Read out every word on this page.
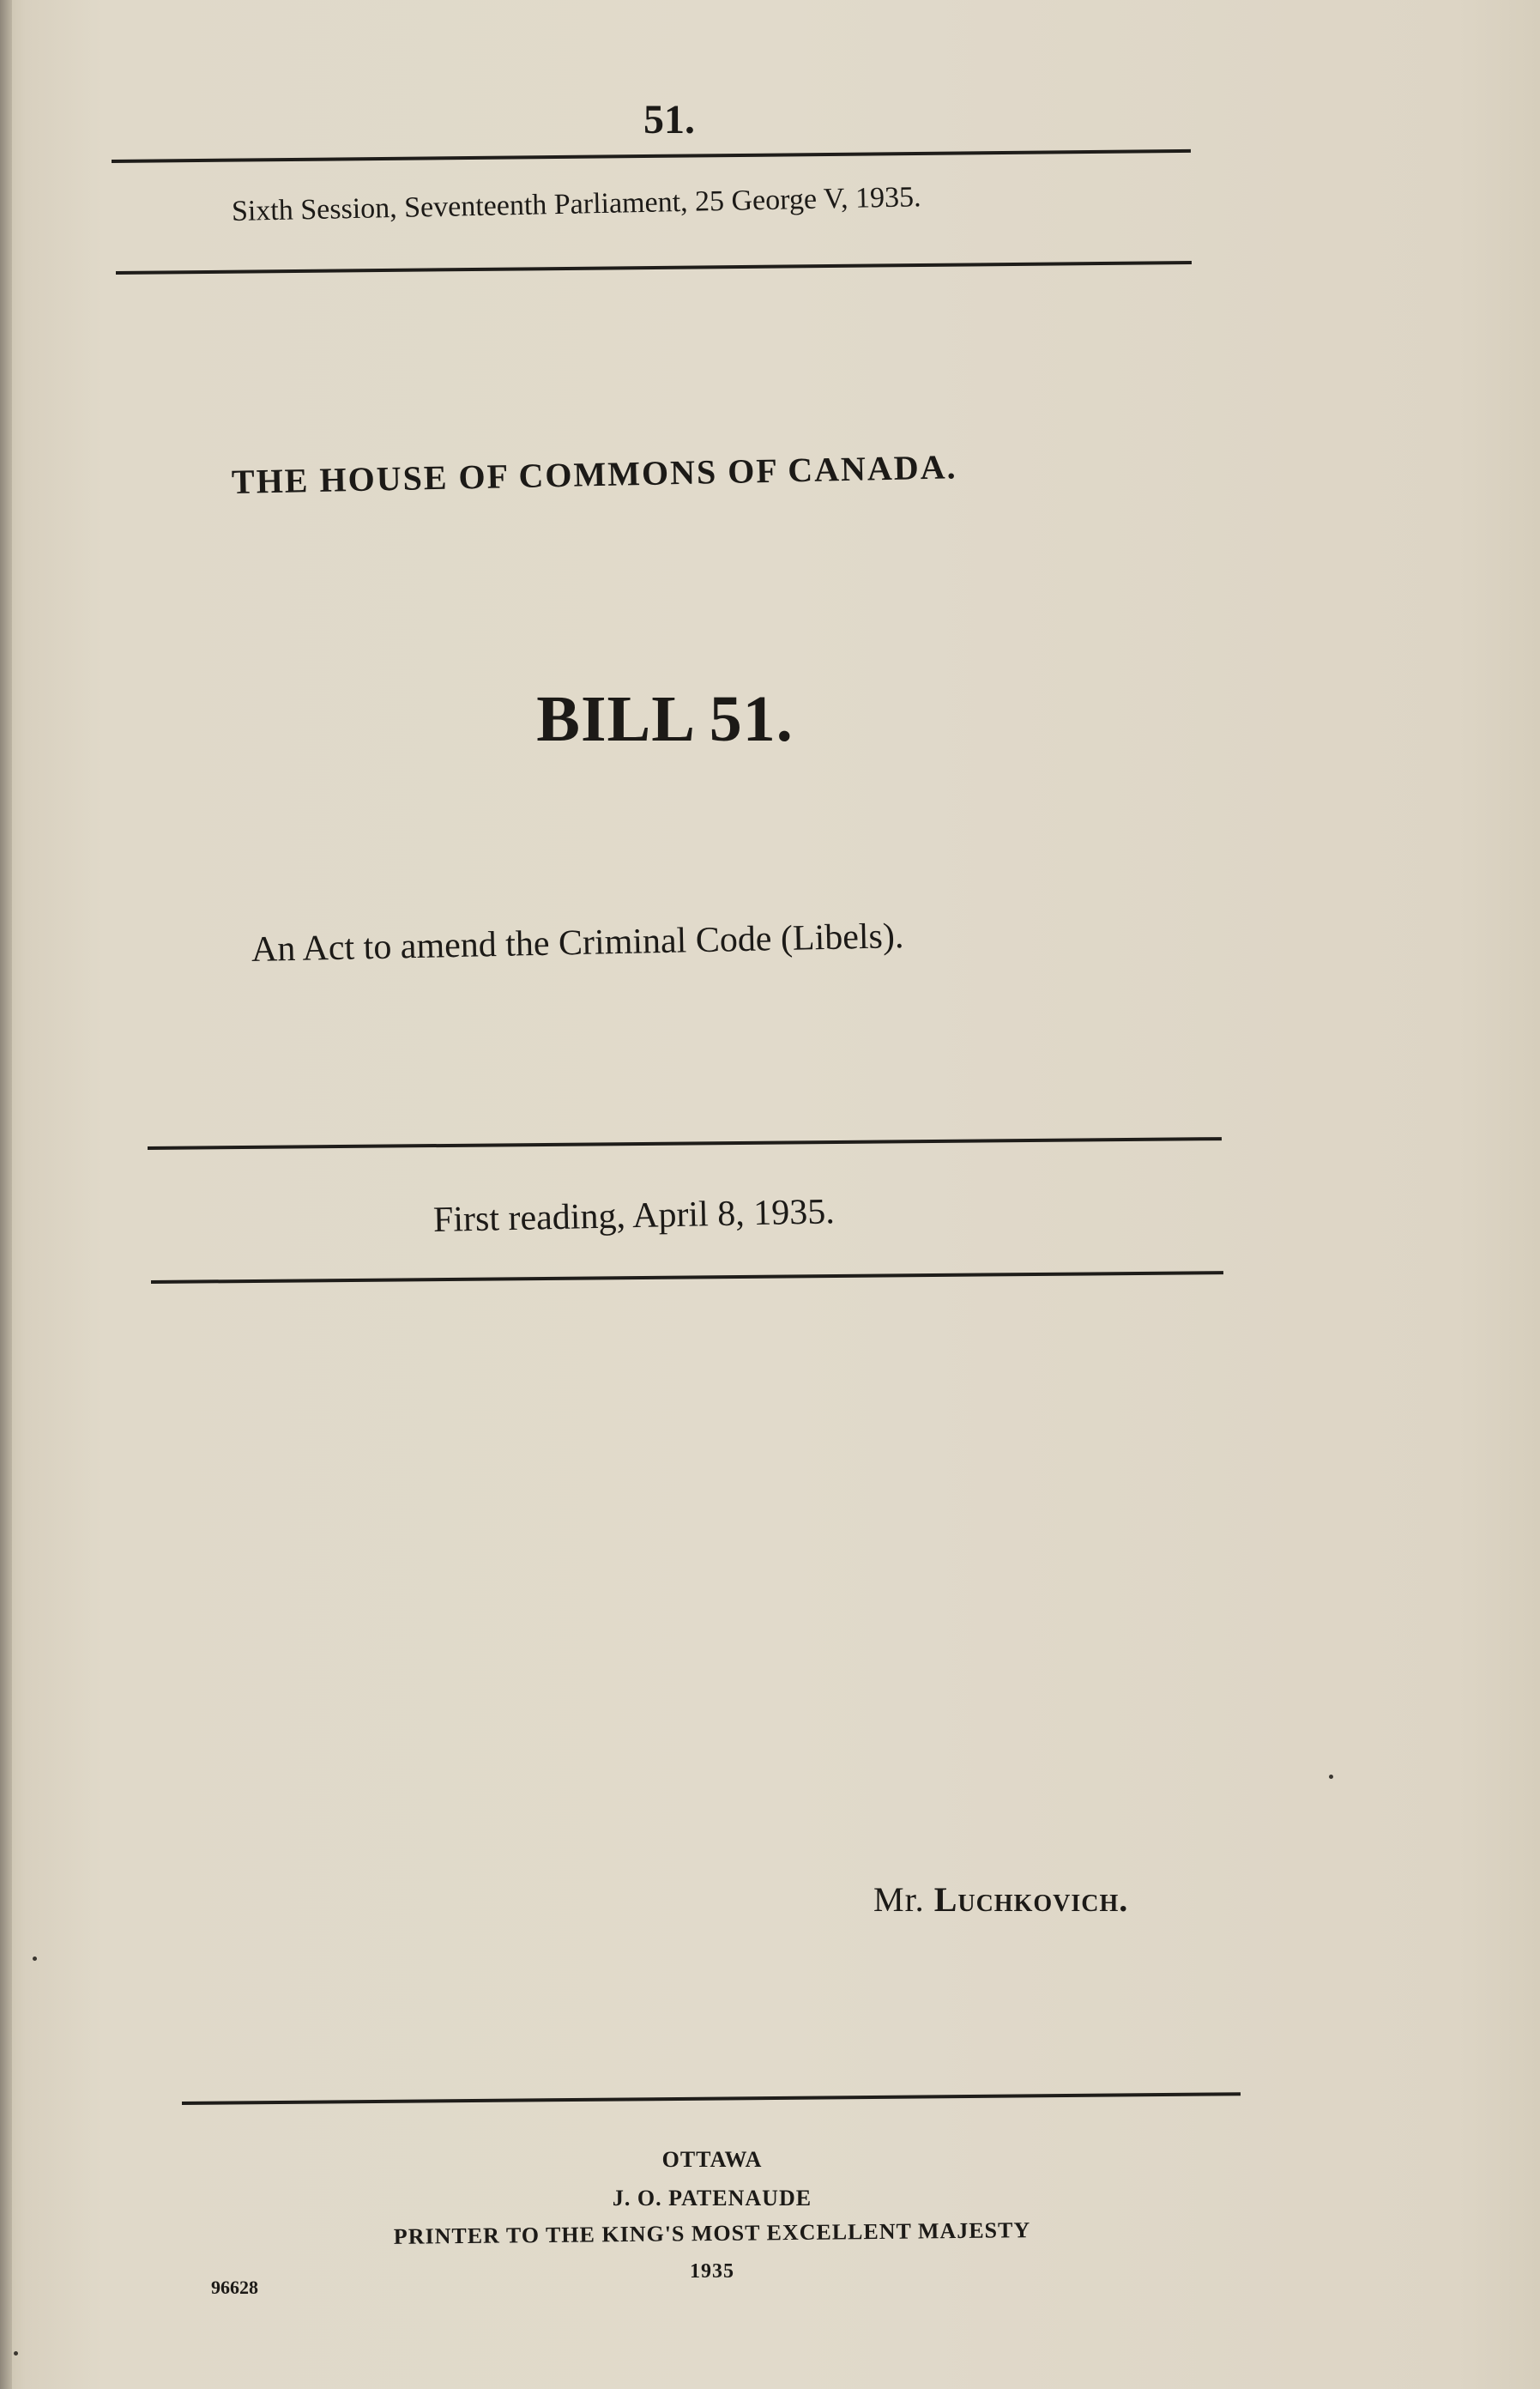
51.

Sixth Session, Seventeenth Parliament, 25 George V, 1935.

THE HOUSE OF COMMONS OF CANADA.

BILL 51.

An Act to amend the Criminal Code (Libels).

First reading, April 8, 1935.

Mr. Luchkovich.

OTTAWA

J. O. PATENAUDE

PRINTER TO THE KING'S MOST EXCELLENT MAJESTY

1935

96628
